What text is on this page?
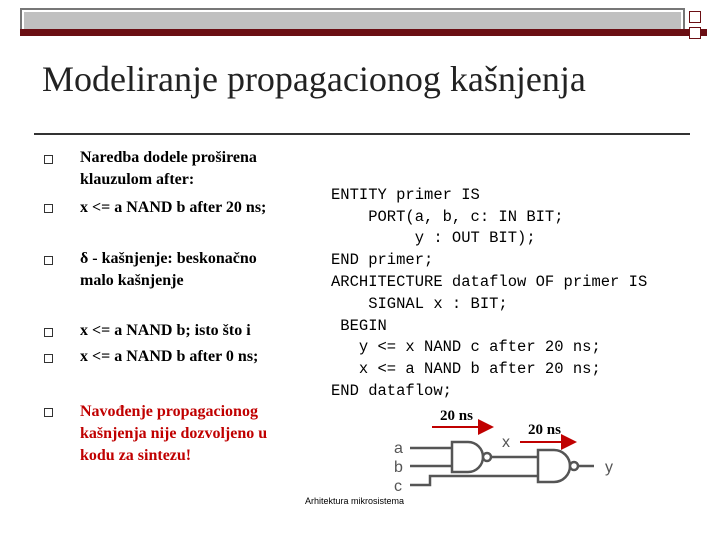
Modeliranje propagacionog kašnjenja
Naredba dodele proširena
klauzulom after:
x <= a NAND b after 20 ns;
δ - kašnjenje: beskonačno
malo kašnjenje
x <= a NAND b; isto što i
x <= a NAND b after 0 ns;
Navođenje propagacionog
kašnjenja nije dozvoljeno u
kodu za sintezu!

ENTITY primer IS
PORT(a, b, c: IN BIT;
y : OUT BIT);
END primer;
ARCHITECTURE dataflow OF primer IS
SIGNAL x : BIT;
BEGIN
y <= x NAND c after 20 ns;
x <= a NAND b after 20 ns;
END dataflow;

20 ns
20 ns
a
b
c
x
y
Arhitektura mikrosistema
